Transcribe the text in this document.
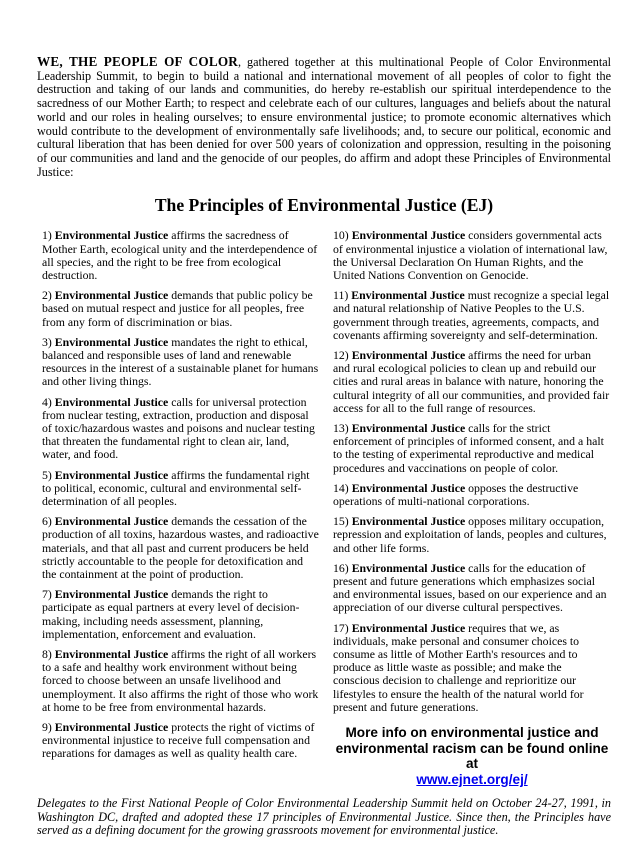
WE, THE PEOPLE OF COLOR, gathered together at this multinational People of Color Environmental Leadership Summit, to begin to build a national and international movement of all peoples of color to fight the destruction and taking of our lands and communities, do hereby re-establish our spiritual interdependence to the sacredness of our Mother Earth; to respect and celebrate each of our cultures, languages and beliefs about the natural world and our roles in healing ourselves; to ensure environmental justice; to promote economic alternatives which would contribute to the development of environmentally safe livelihoods; and, to secure our political, economic and cultural liberation that has been denied for over 500 years of colonization and oppression, resulting in the poisoning of our communities and land and the genocide of our peoples, do affirm and adopt these Principles of Environmental Justice:

The Principles of Environmental Justice (EJ)

1) Environmental Justice affirms the sacredness of Mother Earth, ecological unity and the interdependence of all species, and the right to be free from ecological destruction.

2) Environmental Justice demands that public policy be based on mutual respect and justice for all peoples, free from any form of discrimination or bias.

3) Environmental Justice mandates the right to ethical, balanced and responsible uses of land and renewable resources in the interest of a sustainable planet for humans and other living things.

4) Environmental Justice calls for universal protection from nuclear testing, extraction, production and disposal of toxic/hazardous wastes and poisons and nuclear testing that threaten the fundamental right to clean air, land, water, and food.

5) Environmental Justice affirms the fundamental right to political, economic, cultural and environmental self-determination of all peoples.

6) Environmental Justice demands the cessation of the production of all toxins, hazardous wastes, and radioactive materials, and that all past and current producers be held strictly accountable to the people for detoxification and the containment at the point of production.

7) Environmental Justice demands the right to participate as equal partners at every level of decision-making, including needs assessment, planning, implementation, enforcement and evaluation.

8) Environmental Justice affirms the right of all workers to a safe and healthy work environment without being forced to choose between an unsafe livelihood and unemployment. It also affirms the right of those who work at home to be free from environmental hazards.

9) Environmental Justice protects the right of victims of environmental injustice to receive full compensation and reparations for damages as well as quality health care.

10) Environmental Justice considers governmental acts of environmental injustice a violation of international law, the Universal Declaration On Human Rights, and the United Nations Convention on Genocide.

11) Environmental Justice must recognize a special legal and natural relationship of Native Peoples to the U.S. government through treaties, agreements, compacts, and covenants affirming sovereignty and self-determination.

12) Environmental Justice affirms the need for urban and rural ecological policies to clean up and rebuild our cities and rural areas in balance with nature, honoring the cultural integrity of all our communities, and provided fair access for all to the full range of resources.

13) Environmental Justice calls for the strict enforcement of principles of informed consent, and a halt to the testing of experimental reproductive and medical procedures and vaccinations on people of color.

14) Environmental Justice opposes the destructive operations of multi-national corporations.

15) Environmental Justice opposes military occupation, repression and exploitation of lands, peoples and cultures, and other life forms.

16) Environmental Justice calls for the education of present and future generations which emphasizes social and environmental issues, based on our experience and an appreciation of our diverse cultural perspectives.

17) Environmental Justice requires that we, as individuals, make personal and consumer choices to consume as little of Mother Earth's resources and to produce as little waste as possible; and make the conscious decision to challenge and reprioritize our lifestyles to ensure the health of the natural world for present and future generations.

More info on environmental justice and
environmental racism can be found online at
www.ejnet.org/ej/

Delegates to the First National People of Color Environmental Leadership Summit held on October 24-27, 1991, in Washington DC, drafted and adopted these 17 principles of Environmental Justice. Since then, the Principles have served as a defining document for the growing grassroots movement for environmental justice.
